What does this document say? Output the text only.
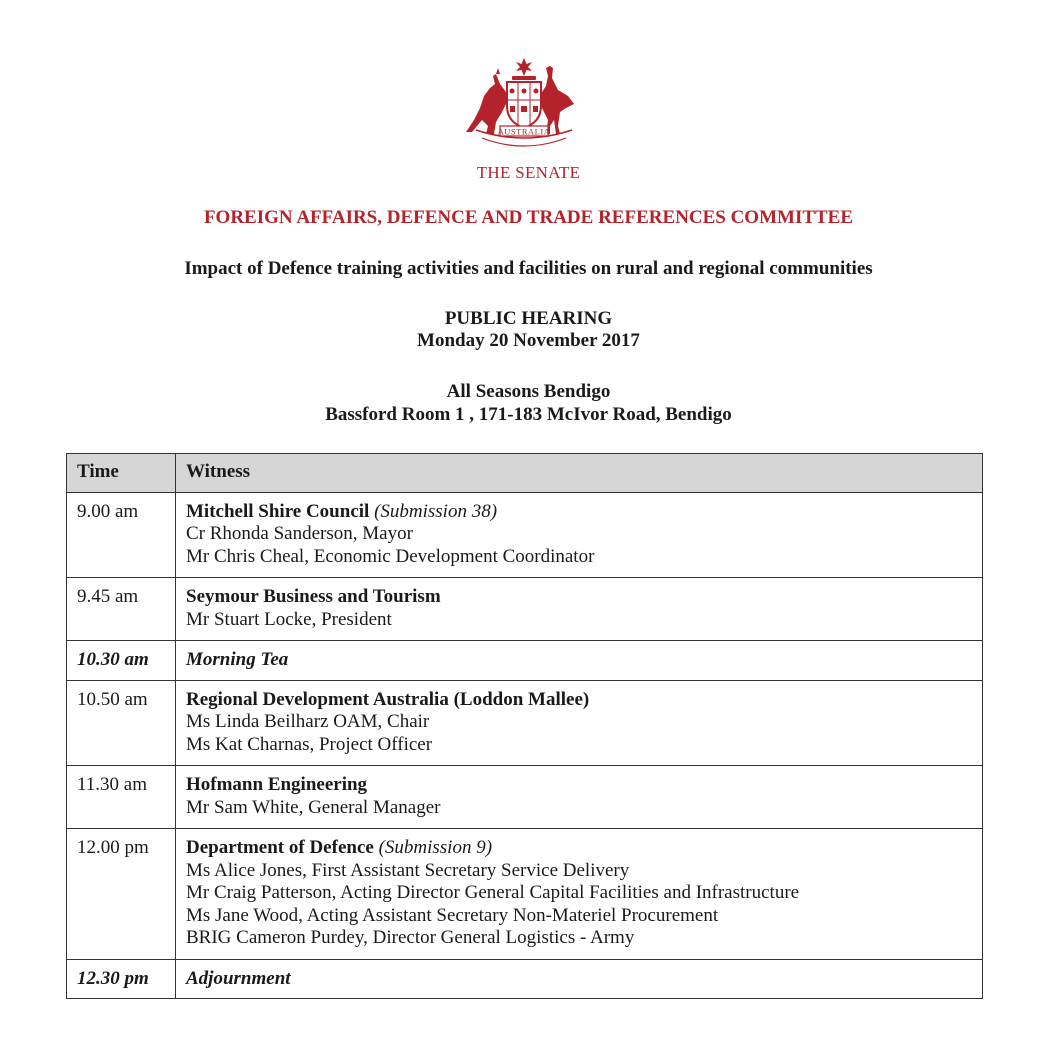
AUSTRALIA
THE SENATE
FOREIGN AFFAIRS, DEFENCE AND TRADE REFERENCES COMMITTEE
Impact of Defence training activities and facilities on rural and regional communities
PUBLIC HEARING
Monday 20 November 2017
All Seasons Bendigo
Bassford Room 1 , 171-183 McIvor Road, Bendigo
Time	Witness
9.00 am	Mitchell Shire Council (Submission 38)
Cr Rhonda Sanderson, Mayor
Mr Chris Cheal, Economic Development Coordinator

9.45 am	Seymour Business and Tourism
Mr Stuart Locke, President

10.30 am	Morning Tea
10.50 am	Regional Development Australia (Loddon Mallee)
Ms Linda Beilharz OAM, Chair
Ms Kat Charnas, Project Officer

11.30 am	Hofmann Engineering
Mr Sam White, General Manager

12.00 pm	Department of Defence (Submission 9)
Ms Alice Jones, First Assistant Secretary Service Delivery
Mr Craig Patterson, Acting Director General Capital Facilities and Infrastructure
Ms Jane Wood, Acting Assistant Secretary Non-Materiel Procurement
BRIG Cameron Purdey, Director General Logistics - Army

12.30 pm	Adjournment
